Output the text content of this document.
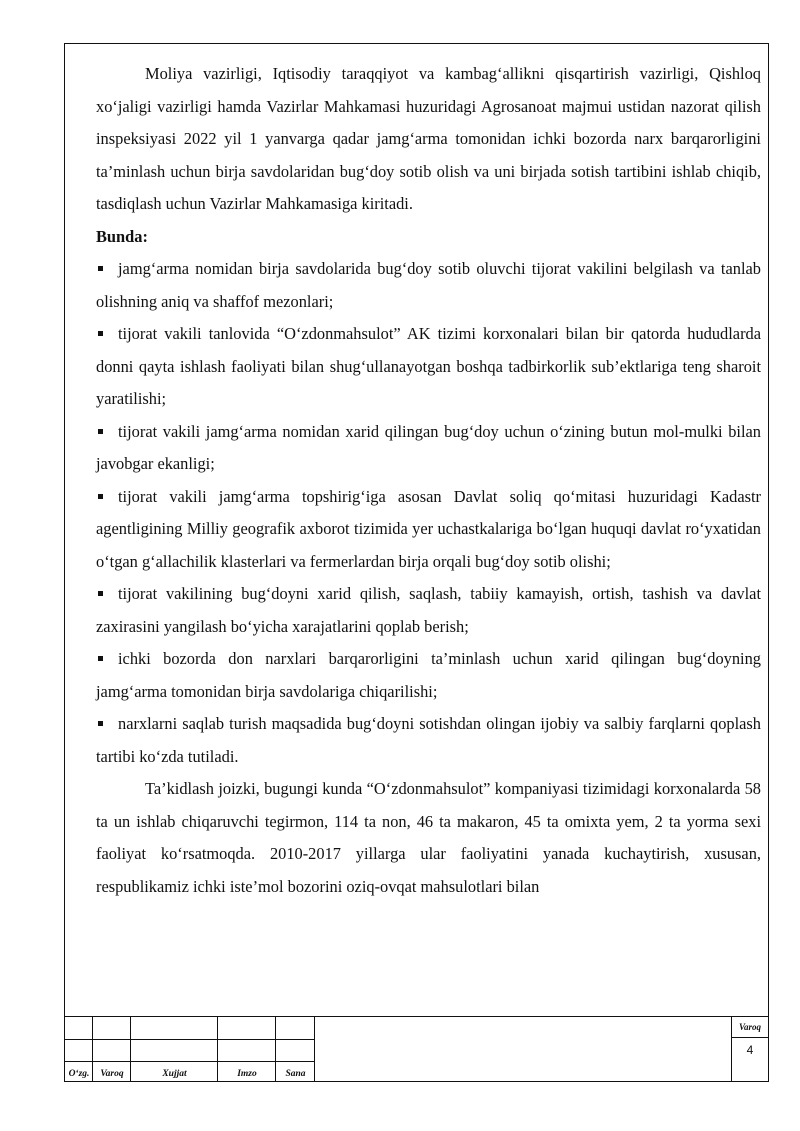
Moliya vazirligi, Iqtisodiy taraqqiyot va kambag‘allikni qisqartirish vazirligi, Qishloq xo‘jaligi vazirligi hamda Vazirlar Mahkamasi huzuridagi Agrosanoat majmui ustidan nazorat qilish inspeksiyasi 2022 yil 1 yanvarga qadar jamg‘arma tomonidan ichki bozorda narx barqarorligini ta’minlash uchun birja savdolaridan bug‘doy sotib olish va uni birjada sotish tartibini ishlab chiqib, tasdiqlash uchun Vazirlar Mahkamasiga kiritadi.

Bunda:

jamg‘arma nomidan birja savdolarida bug‘doy sotib oluvchi tijorat vakilini belgilash va tanlab olishning aniq va shaffof mezonlari;

tijorat vakili tanlovida “O‘zdonmahsulot” AK tizimi korxonalari bilan bir qatorda hududlarda donni qayta ishlash faoliyati bilan shug‘ullanayotgan boshqa tadbirkorlik sub’ektlariga teng sharoit yaratilishi;

tijorat vakili jamg‘arma nomidan xarid qilingan bug‘doy uchun o‘zining butun mol-mulki bilan javobgar ekanligi;

tijorat vakili jamg‘arma topshirig‘iga asosan Davlat soliq qo‘mitasi huzuridagi Kadastr agentligining Milliy geografik axborot tizimida yer uchastkalariga bo‘lgan huquqi davlat ro‘yxatidan o‘tgan g‘allachilik klasterlari va fermerlardan birja orqali bug‘doy sotib olishi;

tijorat vakilining bug‘doyni xarid qilish, saqlash, tabiiy kamayish, ortish, tashish va davlat zaxirasini yangilash bo‘yicha xarajatlarini qoplab berish;

ichki bozorda don narxlari barqarorligini ta’minlash uchun xarid qilingan bug‘doyning jamg‘arma tomonidan birja savdolariga chiqarilishi;

narxlarni saqlab turish maqsadida bug‘doyni sotishdan olingan ijobiy va salbiy farqlarni qoplash tartibi ko‘zda tutiladi.

Ta’kidlash joizki, bugungi kunda “O‘zdonmahsulot” kompaniyasi tizimidagi korxonalarda 58 ta un ishlab chiqaruvchi tegirmon, 114 ta non, 46 ta makaron, 45 ta omixta yem, 2 ta yorma sexi faoliyat ko‘rsatmoqda. 2010-2017 yillarga ular faoliyatini yanada kuchaytirish, xususan, respublikamiz ichki iste’mol bozorini oziq-ovqat mahsulotlari bilan

O‘zg.	Varoq	Xujjat	Imzo	Sana
Varoq
4
